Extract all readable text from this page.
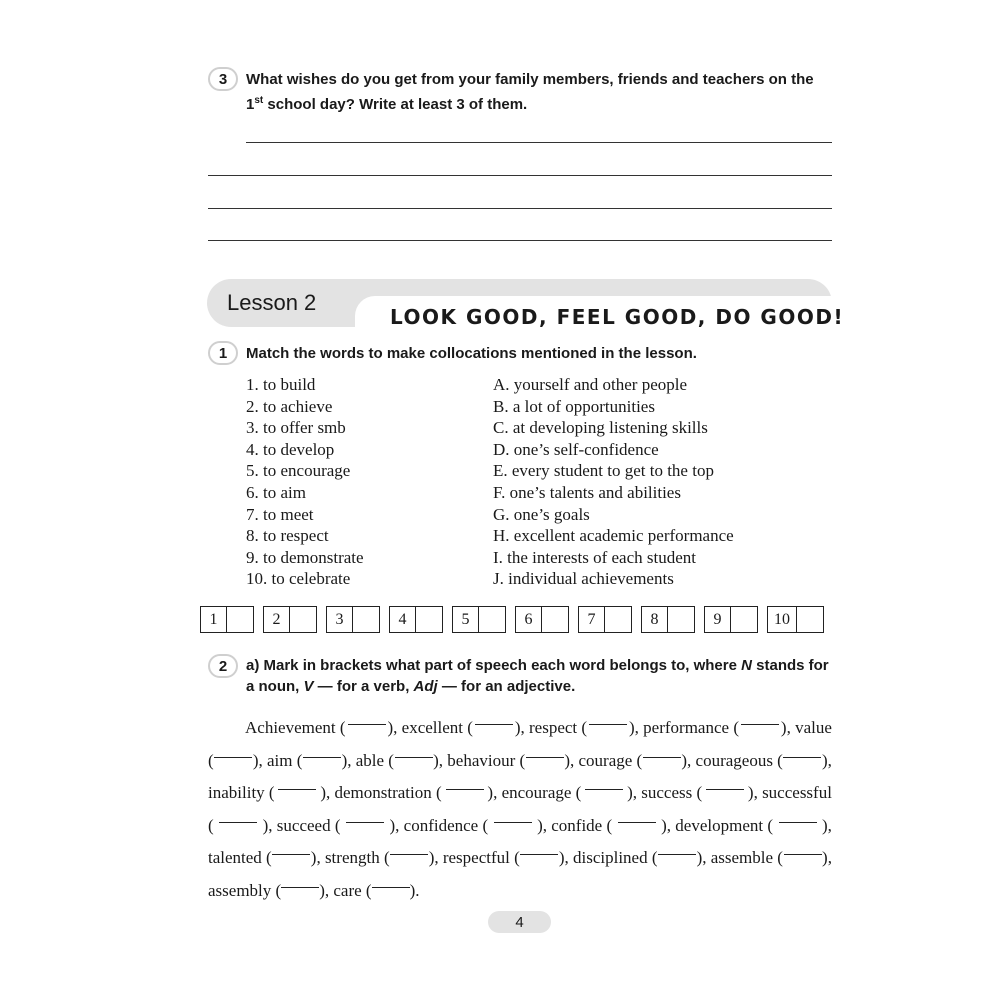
3	What wishes do you get from your family members, friends and teachers on the
1st school day? Write at least 3 of them.
Lesson 2
LOOK GOOD, FEEL GOOD, DO GOOD!
1	Match the words to make collocations mentioned in the lesson.
1. to build
2. to achieve
3. to offer smb
4. to develop
5. to encourage
6. to aim
7. to meet
8. to respect
9. to demonstrate
10. to celebrate
A. yourself and other people
B. a lot of opportunities
C. at developing listening skills
D. one’s self-confidence
E. every student to get to the top
F. one’s talents and abilities
G. one’s goals
H. excellent academic performance
I. the interests of each student
J. individual achievements
1	2	3	4	5	6	7	8	9	10
2	a) Mark in brackets what part of speech each word belongs to, where N stands for
a noun, V — for a verb, Adj — for an adjective.
Achievement ( ), excellent ( ), respect ( ), performance ( ), value
( ), aim ( ), able ( ), behaviour ( ), courage ( ), courageous ( ),
inability (	), demonstration (	), encourage (	), success (	), successful
(	), succeed (	), confidence (	), confide (	), development (	),
talented ( ), strength ( ), respectful ( ), disciplined ( ), assemble ( ),
assembly ( ), care ( ).
4
